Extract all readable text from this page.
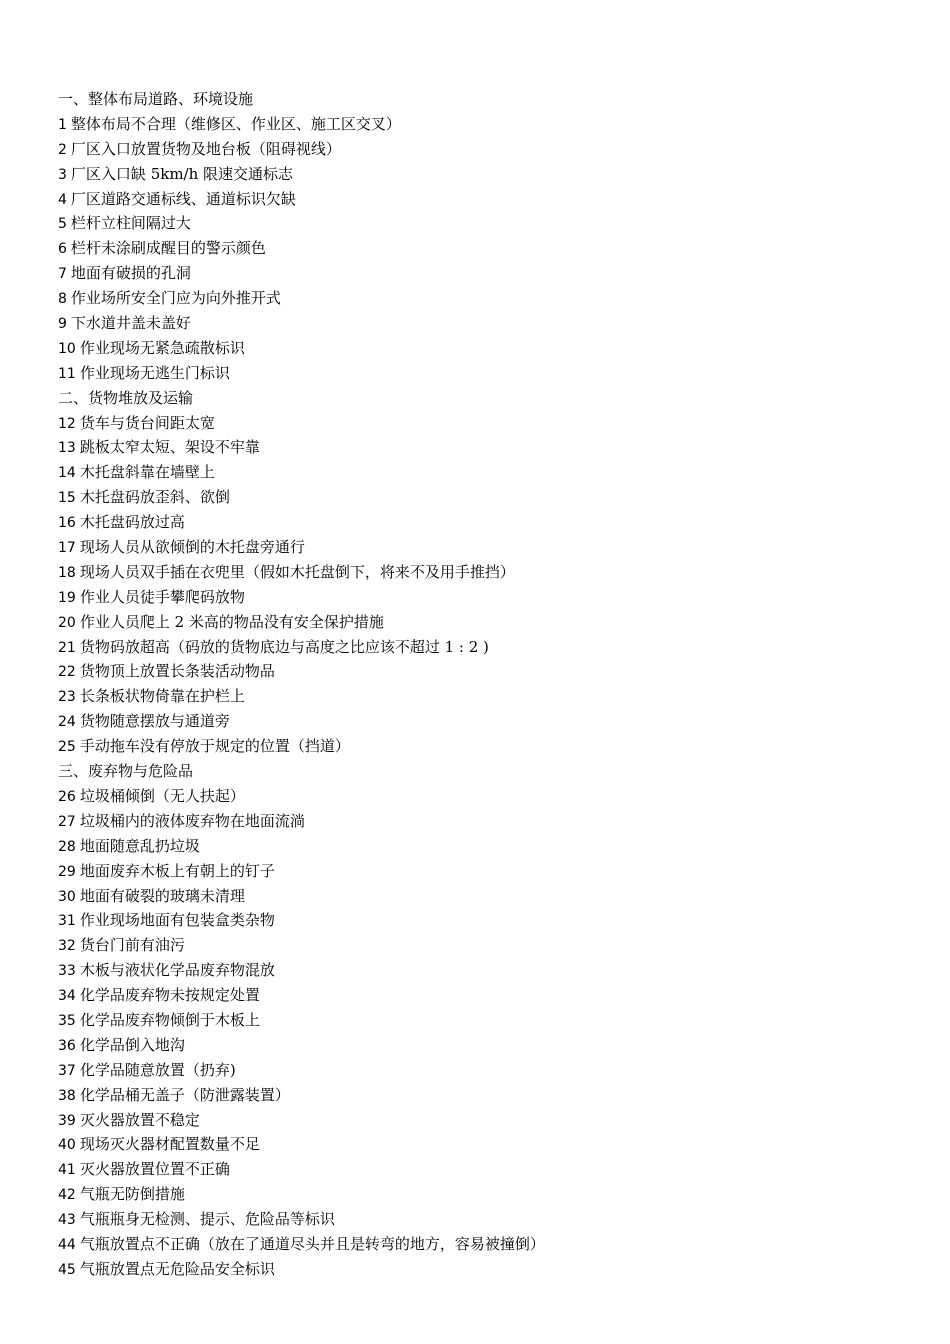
一、整体布局道路、环境设施
1 整体布局不合理（维修区、作业区、施工区交叉）
2 厂区入口放置货物及地台板（阻碍视线）
3 厂区入口缺 5km/h 限速交通标志
4 厂区道路交通标线、通道标识欠缺
5 栏杆立柱间隔过大
6 栏杆未涂刷成醒目的警示颜色
7 地面有破损的孔洞
8 作业场所安全门应为向外推开式
9 下水道井盖未盖好
10 作业现场无紧急疏散标识
11 作业现场无逃生门标识
二、货物堆放及运输
12 货车与货台间距太宽
13 跳板太窄太短、架设不牢靠
14 木托盘斜靠在墙壁上
15 木托盘码放歪斜、欲倒
16 木托盘码放过高
17 现场人员从欲倾倒的木托盘旁通行
18 现场人员双手插在衣兜里（假如木托盘倒下，将来不及用手推挡）
19 作业人员徒手攀爬码放物
20 作业人员爬上 2 米高的物品没有安全保护措施
21 货物码放超高（码放的货物底边与高度之比应该不超过 1 : 2 )
22 货物顶上放置长条装活动物品
23 长条板状物倚靠在护栏上
24 货物随意摆放与通道旁
25 手动拖车没有停放于规定的位置（挡道）
三、废弃物与危险品
26 垃圾桶倾倒（无人扶起）
27 垃圾桶内的液体废弃物在地面流淌
28 地面随意乱扔垃圾
29 地面废弃木板上有朝上的钉子
30 地面有破裂的玻璃未清理
31 作业现场地面有包装盒类杂物
32 货台门前有油污
33 木板与液状化学品废弃物混放
34 化学品废弃物未按规定处置
35 化学品废弃物倾倒于木板上
36 化学品倒入地沟
37 化学品随意放置（扔弃)
38 化学品桶无盖子（防泄露装置）
39 灭火器放置不稳定
40 现场灭火器材配置数量不足
41 灭火器放置位置不正确
42 气瓶无防倒措施
43 气瓶瓶身无检测、提示、危险品等标识
44 气瓶放置点不正确（放在了通道尽头并且是转弯的地方，容易被撞倒）
45 气瓶放置点无危险品安全标识
